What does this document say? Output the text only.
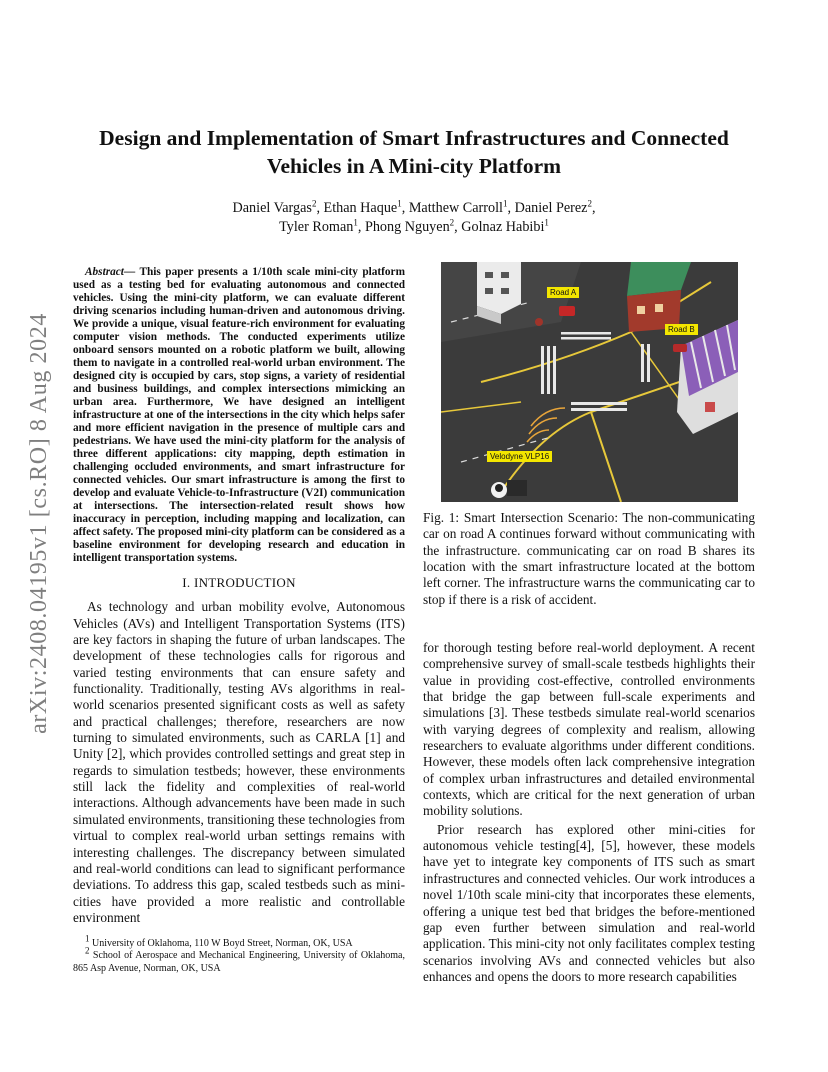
arXiv:2408.04195v1 [cs.RO] 8 Aug 2024
Design and Implementation of Smart Infrastructures and Connected
Vehicles in A Mini-city Platform
Daniel Vargas$^2$, Ethan Haque$^1$, Matthew Carroll$^1$, Daniel Perez$^2$,
Tyler Roman$^1$, Phong Nguyen$^2$, Golnaz Habibi$^1$

Abstract— This paper presents a 1/10th scale mini-city platform used as a testing bed for evaluating autonomous and connected vehicles. Using the mini-city platform, we can evaluate different driving scenarios including human-driven and autonomous driving. We provide a unique, visual feature-rich environment for evaluating computer vision methods. The conducted experiments utilize onboard sensors mounted on a robotic platform we built, allowing them to navigate in a controlled real-world urban environment. The designed city is occupied by cars, stop signs, a variety of residential and business buildings, and complex intersections mimicking an urban area. Furthermore, We have designed an intelligent infrastructure at one of the intersections in the city which helps safer and more efficient navigation in the presence of multiple cars and pedestrians. We have used the mini-city platform for the analysis of three different applications: city mapping, depth estimation in challenging occluded environments, and smart infrastructure for connected vehicles. Our smart infrastructure is among the first to develop and evaluate Vehicle-to-Infrastructure (V2I) communication at intersections. The intersection-related result shows how inaccuracy in perception, including mapping and localization, can affect safety. The proposed mini-city platform can be considered as a baseline environment for developing research and education in intelligent transportation systems.

I. INTRODUCTION

As technology and urban mobility evolve, Autonomous Vehicles (AVs) and Intelligent Transportation Systems (ITS) are key factors in shaping the future of urban landscapes. The development of these technologies calls for rigorous and varied testing environments that can ensure safety and functionality. Traditionally, testing AVs algorithms in real-world scenarios presented significant costs as well as safety and practical challenges; therefore, researchers are now turning to simulated environments, such as CARLA [1] and Unity [2], which provides controlled settings and great step in regards to simulation testbeds; however, these environments still lack the fidelity and complexities of real-world interactions. Although advancements have been made in such simulated environments, transitioning these technologies from virtual to complex real-world urban settings remains with interesting challenges. The discrepancy between simulated and real-world conditions can lead to significant performance deviations. To address this gap, scaled testbeds such as mini-cities have provided a more realistic and controllable environment

$^1$ University of Oklahoma, 110 W Boyd Street, Norman, OK, USA

$^2$ School of Aerospace and Mechanical Engineering, University of Oklahoma, 865 Asp Avenue, Norman, OK, USA

Road A
Road B
Velodyne VLP16

Fig. 1: Smart Intersection Scenario: The non-communicating car on road A continues forward without communicating with the infrastructure. communicating car on road B shares its location with the smart infrastructure located at the bottom left corner. The infrastructure warns the communicating car to stop if there is a risk of accident.

for thorough testing before real-world deployment. A recent comprehensive survey of small-scale testbeds highlights their value in providing cost-effective, controlled environments that bridge the gap between full-scale experiments and simulations [3]. These testbeds simulate real-world scenarios with varying degrees of complexity and realism, allowing researchers to evaluate algorithms under different conditions. However, these models often lack comprehensive integration of complex urban infrastructures and detailed environmental contexts, which are critical for the next generation of urban mobility solutions.

Prior research has explored other mini-cities for autonomous vehicle testing[4], [5], however, these models have yet to integrate key components of ITS such as smart infrastructures and connected vehicles. Our work introduces a novel 1/10th scale mini-city that incorporates these elements, offering a unique test bed that bridges the before-mentioned gap even further between simulation and real-world application. This mini-city not only facilitates complex testing scenarios involving AVs and connected vehicles but also enhances and opens the doors to more research capabilities
